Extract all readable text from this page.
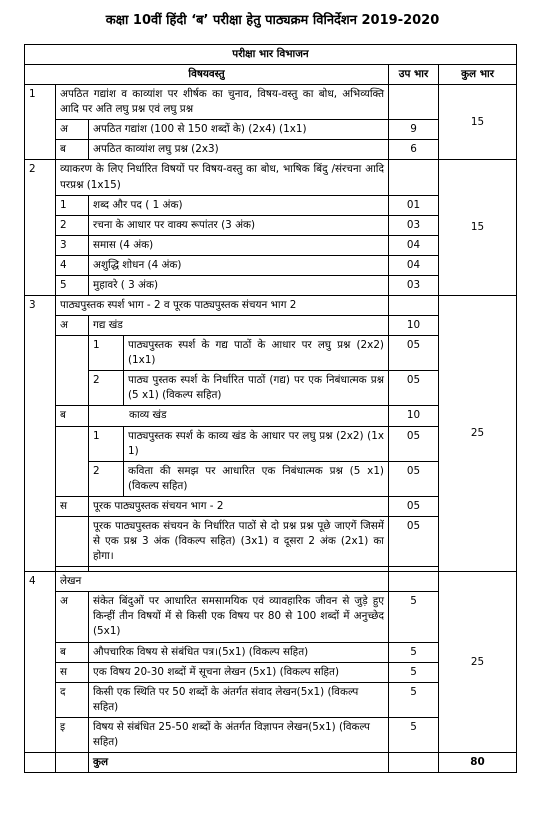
कक्षा 10वीं हिंदी ‘ब’ परीक्षा हेतु पाठ्यक्रम विनिर्देशन 2019-2020
परीक्षा भार विभाजन				
विषयवस्तु			उप भार	कुल भार
1	अपठित गद्यांश व काव्यांश पर शीर्षक का चुनाव, विषय-वस्तु का बोध, अभिव्यक्ति आदि पर अति लघु प्रश्न एवं लघु प्रश्न			15
	अ	अपठित गद्यांश (100 से 150 शब्दों के) (2x4) (1x1)	9	
	ब	अपठित काव्यांश लघु प्रश्न (2x3)	6	
2	व्याकरण के लिए निर्धारित विषयों पर विषय-वस्तु का बोध, भाषिक बिंदु /संरचना आदि परप्रश्न (1x15)			15
	1	शब्द और पद ( 1 अंक)	01	
	2	रचना के आधार पर वाक्य रूपांतर (3 अंक)	03	
	3	समास (4 अंक)	04	
	4	अशुद्धि शोधन (4 अंक)	04	
	5	मुहावरे ( 3 अंक)	03	
3	पाठ्यपुस्तक स्पर्श भाग - 2 व पूरक पाठ्यपुस्तक संचयन भाग 2			25
	अ	गद्य खंड	10	

		1 पाठ्यपुस्तक स्पर्श के गद्य पाठों के आधार पर लघु प्रश्न (2x2) (1x1)	05	

		2 पाठ्य पुस्तक स्पर्श के निर्धारित पाठों (गद्य) पर एक निबंधात्मक प्रश्न (5 x1) (विकल्प सहित)	05	
	ब	काव्य खंड	10	

		1 पाठ्यपुस्तक स्पर्श के काव्य खंड के आधार पर लघु प्रश्न (2x2) (1x 1)	05	

		2 कविता की समझ पर आधारित एक निबंधात्मक प्रश्न (5 x1) (विकल्प सहित)	05	
	स	पूरक पाठ्यपुस्तक संचयन भाग - 2	05	
		पूरक पाठ्यपुस्तक संचयन के निर्धारित पाठों से दो प्रश्न प्रश्न पूछे जाएगें जिसमें से एक प्रश्न 3 अंक (विकल्प सहित) (3x1) व दूसरा 2 अंक (2x1) का होगा।	05	

4	लेखन			25
	अ	संकेत बिंदुओं पर आधारित समसामयिक एवं व्यावहारिक जीवन से जुड़े हुए किन्हीं तीन विषयों में से किसी एक विषय पर 80 से 100 शब्दों में अनुच्छेद (5x1)	5	
	ब	औपचारिक विषय से संबंधित पत्र।(5x1) (विकल्प सहित)	5	
	स	एक विषय 20-30 शब्दों में सूचना लेखन (5x1) (विकल्प सहित)	5	
	द	किसी एक स्थिति पर 50 शब्दों के अंतर्गत संवाद लेखन(5x1) (विकल्प सहित)	5	
	इ	विषय से संबंधित 25-50 शब्दों के अंतर्गत विज्ञापन लेखन(5x1) (विकल्प सहित)	5	
		कुल		80
